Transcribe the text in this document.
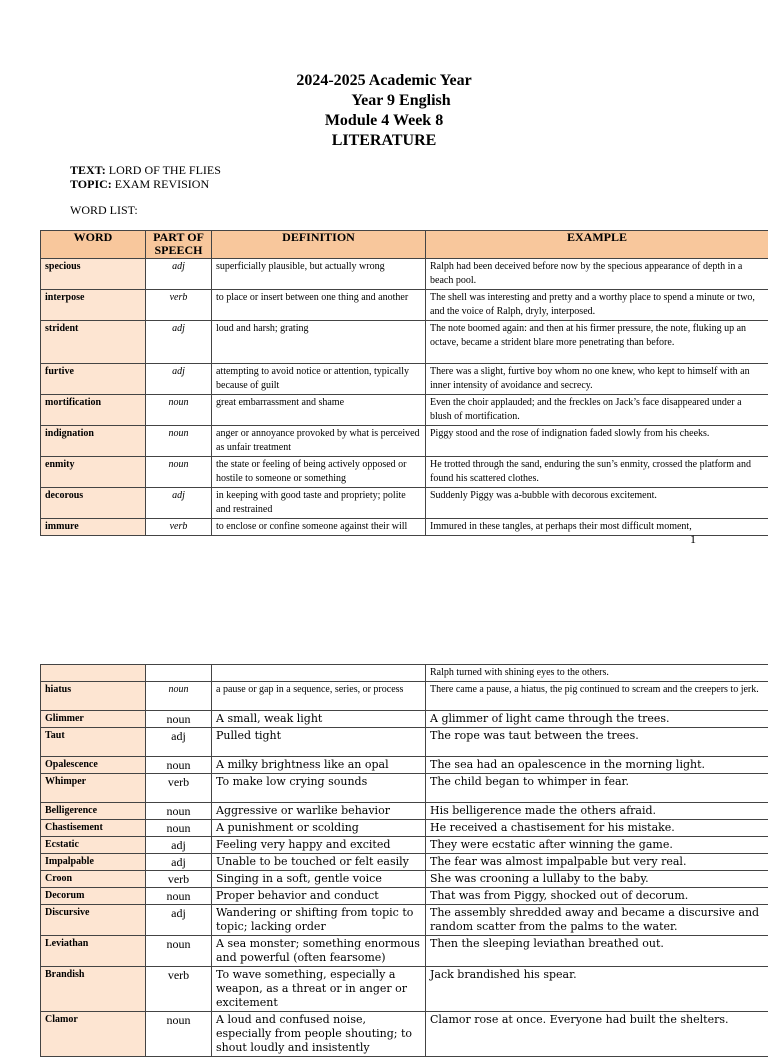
2024-2025 Academic Year
Year 9 English
Module 4 Week 8
LITERATURE
TEXT: LORD OF THE FLIES
TOPIC: EXAM REVISION
WORD LIST:
WORD	PART OF SPEECH	DEFINITION	EXAMPLE
specious	adj	superficially plausible, but actually wrong	Ralph had been deceived before now by the specious appearance of depth in a beach pool.
interpose	verb	to place or insert between one thing and another	The shell was interesting and pretty and a worthy place to spend a minute or two, and the voice of Ralph, dryly, interposed.
strident	adj	loud and harsh; grating	The note boomed again: and then at his firmer pressure, the note, fluking up an octave, became a strident blare more penetrating than before.
furtive	adj	attempting to avoid notice or attention, typically because of guilt	There was a slight, furtive boy whom no one knew, who kept to himself with an inner intensity of avoidance and secrecy.
mortification	noun	great embarrassment and shame	Even the choir applauded; and the freckles on Jack’s face disappeared under a blush of mortification.
indignation	noun	anger or annoyance provoked by what is perceived as unfair treatment	Piggy stood and the rose of indignation faded slowly from his cheeks.
enmity	noun	the state or feeling of being actively opposed or hostile to someone or something	He trotted through the sand, enduring the sun’s enmity, crossed the platform and found his scattered clothes.
decorous	adj	in keeping with good taste and propriety; polite and restrained	Suddenly Piggy was a-bubble with decorous excitement.
immure	verb	to enclose or confine someone against their will	Immured in these tangles, at perhaps their most difficult moment,
1
			Ralph turned with shining eyes to the others.
hiatus	noun	a pause or gap in a sequence, series, or process	There came a pause, a hiatus, the pig continued to scream and the creepers to jerk.
Glimmer	noun	A small, weak light	A glimmer of light came through the trees.
Taut	adj	Pulled tight	The rope was taut between the trees.
Opalescence	noun	A milky brightness like an opal	The sea had an opalescence in the morning light.
Whimper	verb	To make low crying sounds	The child began to whimper in fear.
Belligerence	noun	Aggressive or warlike behavior	His belligerence made the others afraid.
Chastisement	noun	A punishment or scolding	He received a chastisement for his mistake.
Ecstatic	adj	Feeling very happy and excited	They were ecstatic after winning the game.
Impalpable	adj	Unable to be touched or felt easily	The fear was almost impalpable but very real.
Croon	verb	Singing in a soft, gentle voice	She was crooning a lullaby to the baby.
Decorum	noun	Proper behavior and conduct	That was from Piggy, shocked out of decorum.
Discursive	adj	Wandering or shifting from topic to topic; lacking order	The assembly shredded away and became a discursive and random scatter from the palms to the water.
Leviathan	noun	A sea monster; something enormous and powerful (often fearsome)	Then the sleeping leviathan breathed out.
Brandish	verb	To wave something, especially a weapon, as a threat or in anger or excitement	Jack brandished his spear.
Clamor	noun	A loud and confused noise, especially from people shouting; to shout loudly and insistently	Clamor rose at once. Everyone had built the shelters.
